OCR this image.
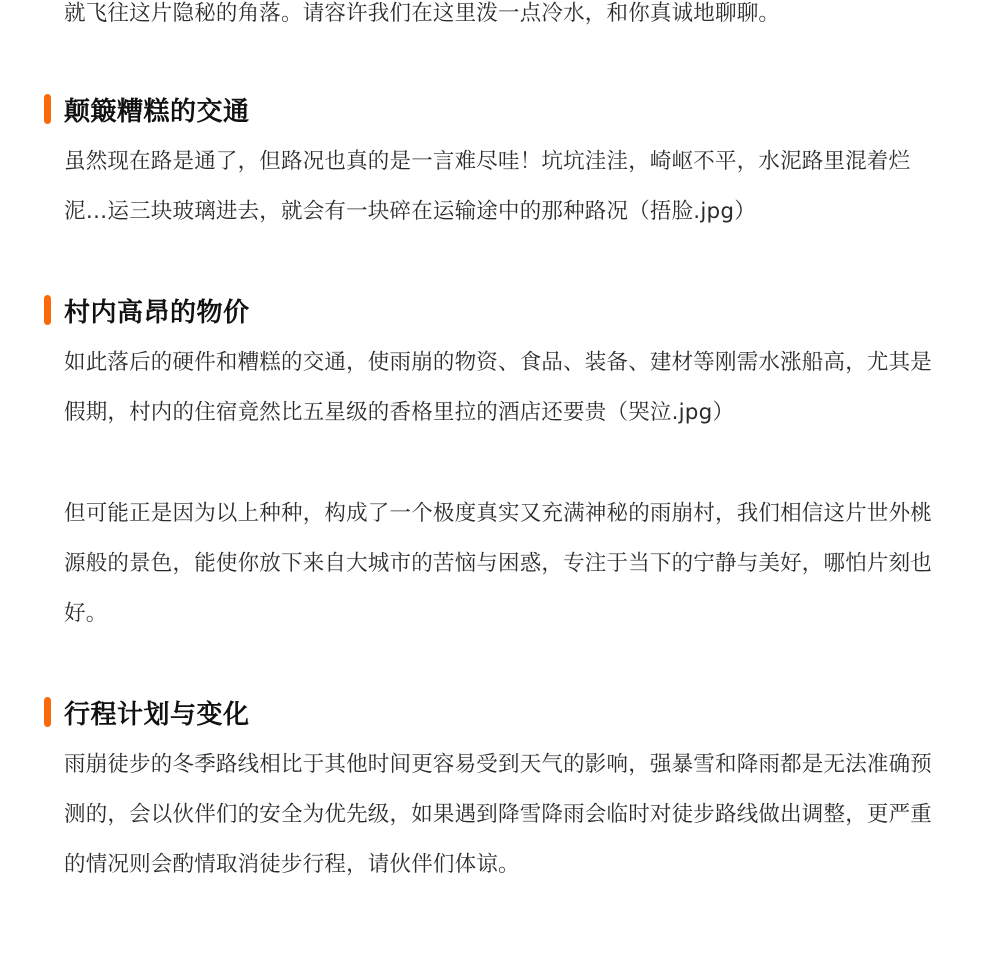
就飞往这片隐秘的角落。请容许我们在这里泼一点冷水，和你真诚地聊聊。

颠簸糟糕的交通

虽然现在路是通了，但路况也真的是一言难尽哇！坑坑洼洼，崎岖不平，水泥路里混着烂泥…运三块玻璃进去，就会有一块碎在运输途中的那种路况（捂脸.jpg）

村内高昂的物价

如此落后的硬件和糟糕的交通，使雨崩的物资、食品、装备、建材等刚需水涨船高，尤其是假期，村内的住宿竟然比五星级的香格里拉的酒店还要贵（哭泣.jpg）

但可能正是因为以上种种，构成了一个极度真实又充满神秘的雨崩村，我们相信这片世外桃源般的景色，能使你放下来自大城市的苦恼与困惑，专注于当下的宁静与美好，哪怕片刻也好。

行程计划与变化

雨崩徒步的冬季路线相比于其他时间更容易受到天气的影响，强暴雪和降雨都是无法准确预测的，会以伙伴们的安全为优先级，如果遇到降雪降雨会临时对徒步路线做出调整，更严重的情况则会酌情取消徒步行程，请伙伴们体谅。
